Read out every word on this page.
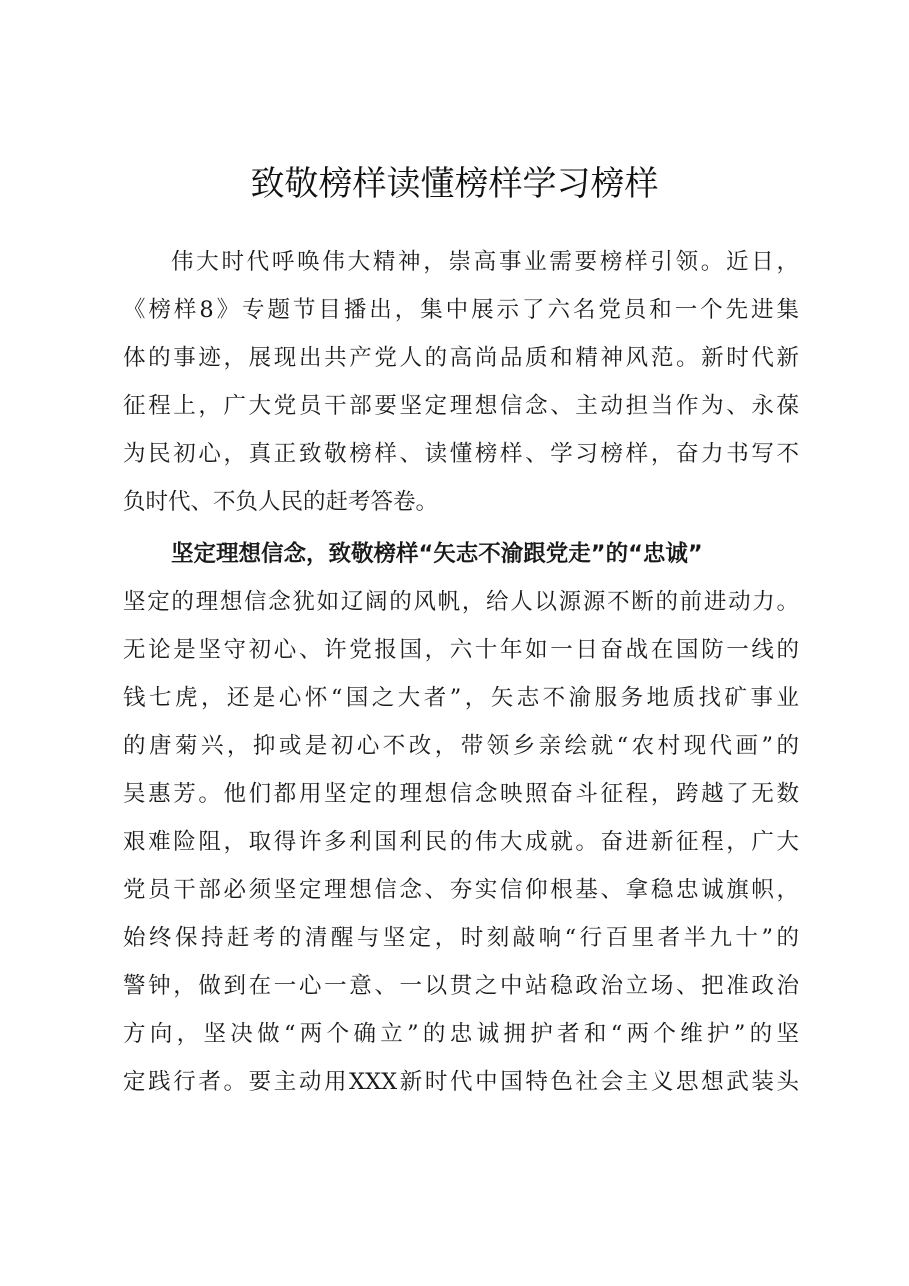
致敬榜样读懂榜样学习榜样
伟大时代呼唤伟大精神，崇高事业需要榜样引领。近日，
《榜样8》专题节目播出，集中展示了六名党员和一个先进集
体的事迹，展现出共产党人的高尚品质和精神风范。新时代新
征程上，广大党员干部要坚定理想信念、主动担当作为、永葆
为民初心，真正致敬榜样、读懂榜样、学习榜样，奋力书写不
负时代、不负人民的赶考答卷。
坚定理想信念，致敬榜样“矢志不渝跟党走”的“忠诚”
坚定的理想信念犹如辽阔的风帆，给人以源源不断的前进动力。
无论是坚守初心、许党报国，六十年如一日奋战在国防一线的
钱七虎，还是心怀“国之大者”，矢志不渝服务地质找矿事业
的唐菊兴，抑或是初心不改，带领乡亲绘就“农村现代画”的
吴惠芳。他们都用坚定的理想信念映照奋斗征程，跨越了无数
艰难险阻，取得许多利国利民的伟大成就。奋进新征程，广大
党员干部必须坚定理想信念、夯实信仰根基、拿稳忠诚旗帜，
始终保持赶考的清醒与坚定，时刻敲响“行百里者半九十”的
警钟，做到在一心一意、一以贯之中站稳政治立场、把准政治
方向，坚决做“两个确立”的忠诚拥护者和“两个维护”的坚
定践行者。要主动用XXX新时代中国特色社会主义思想武装头
